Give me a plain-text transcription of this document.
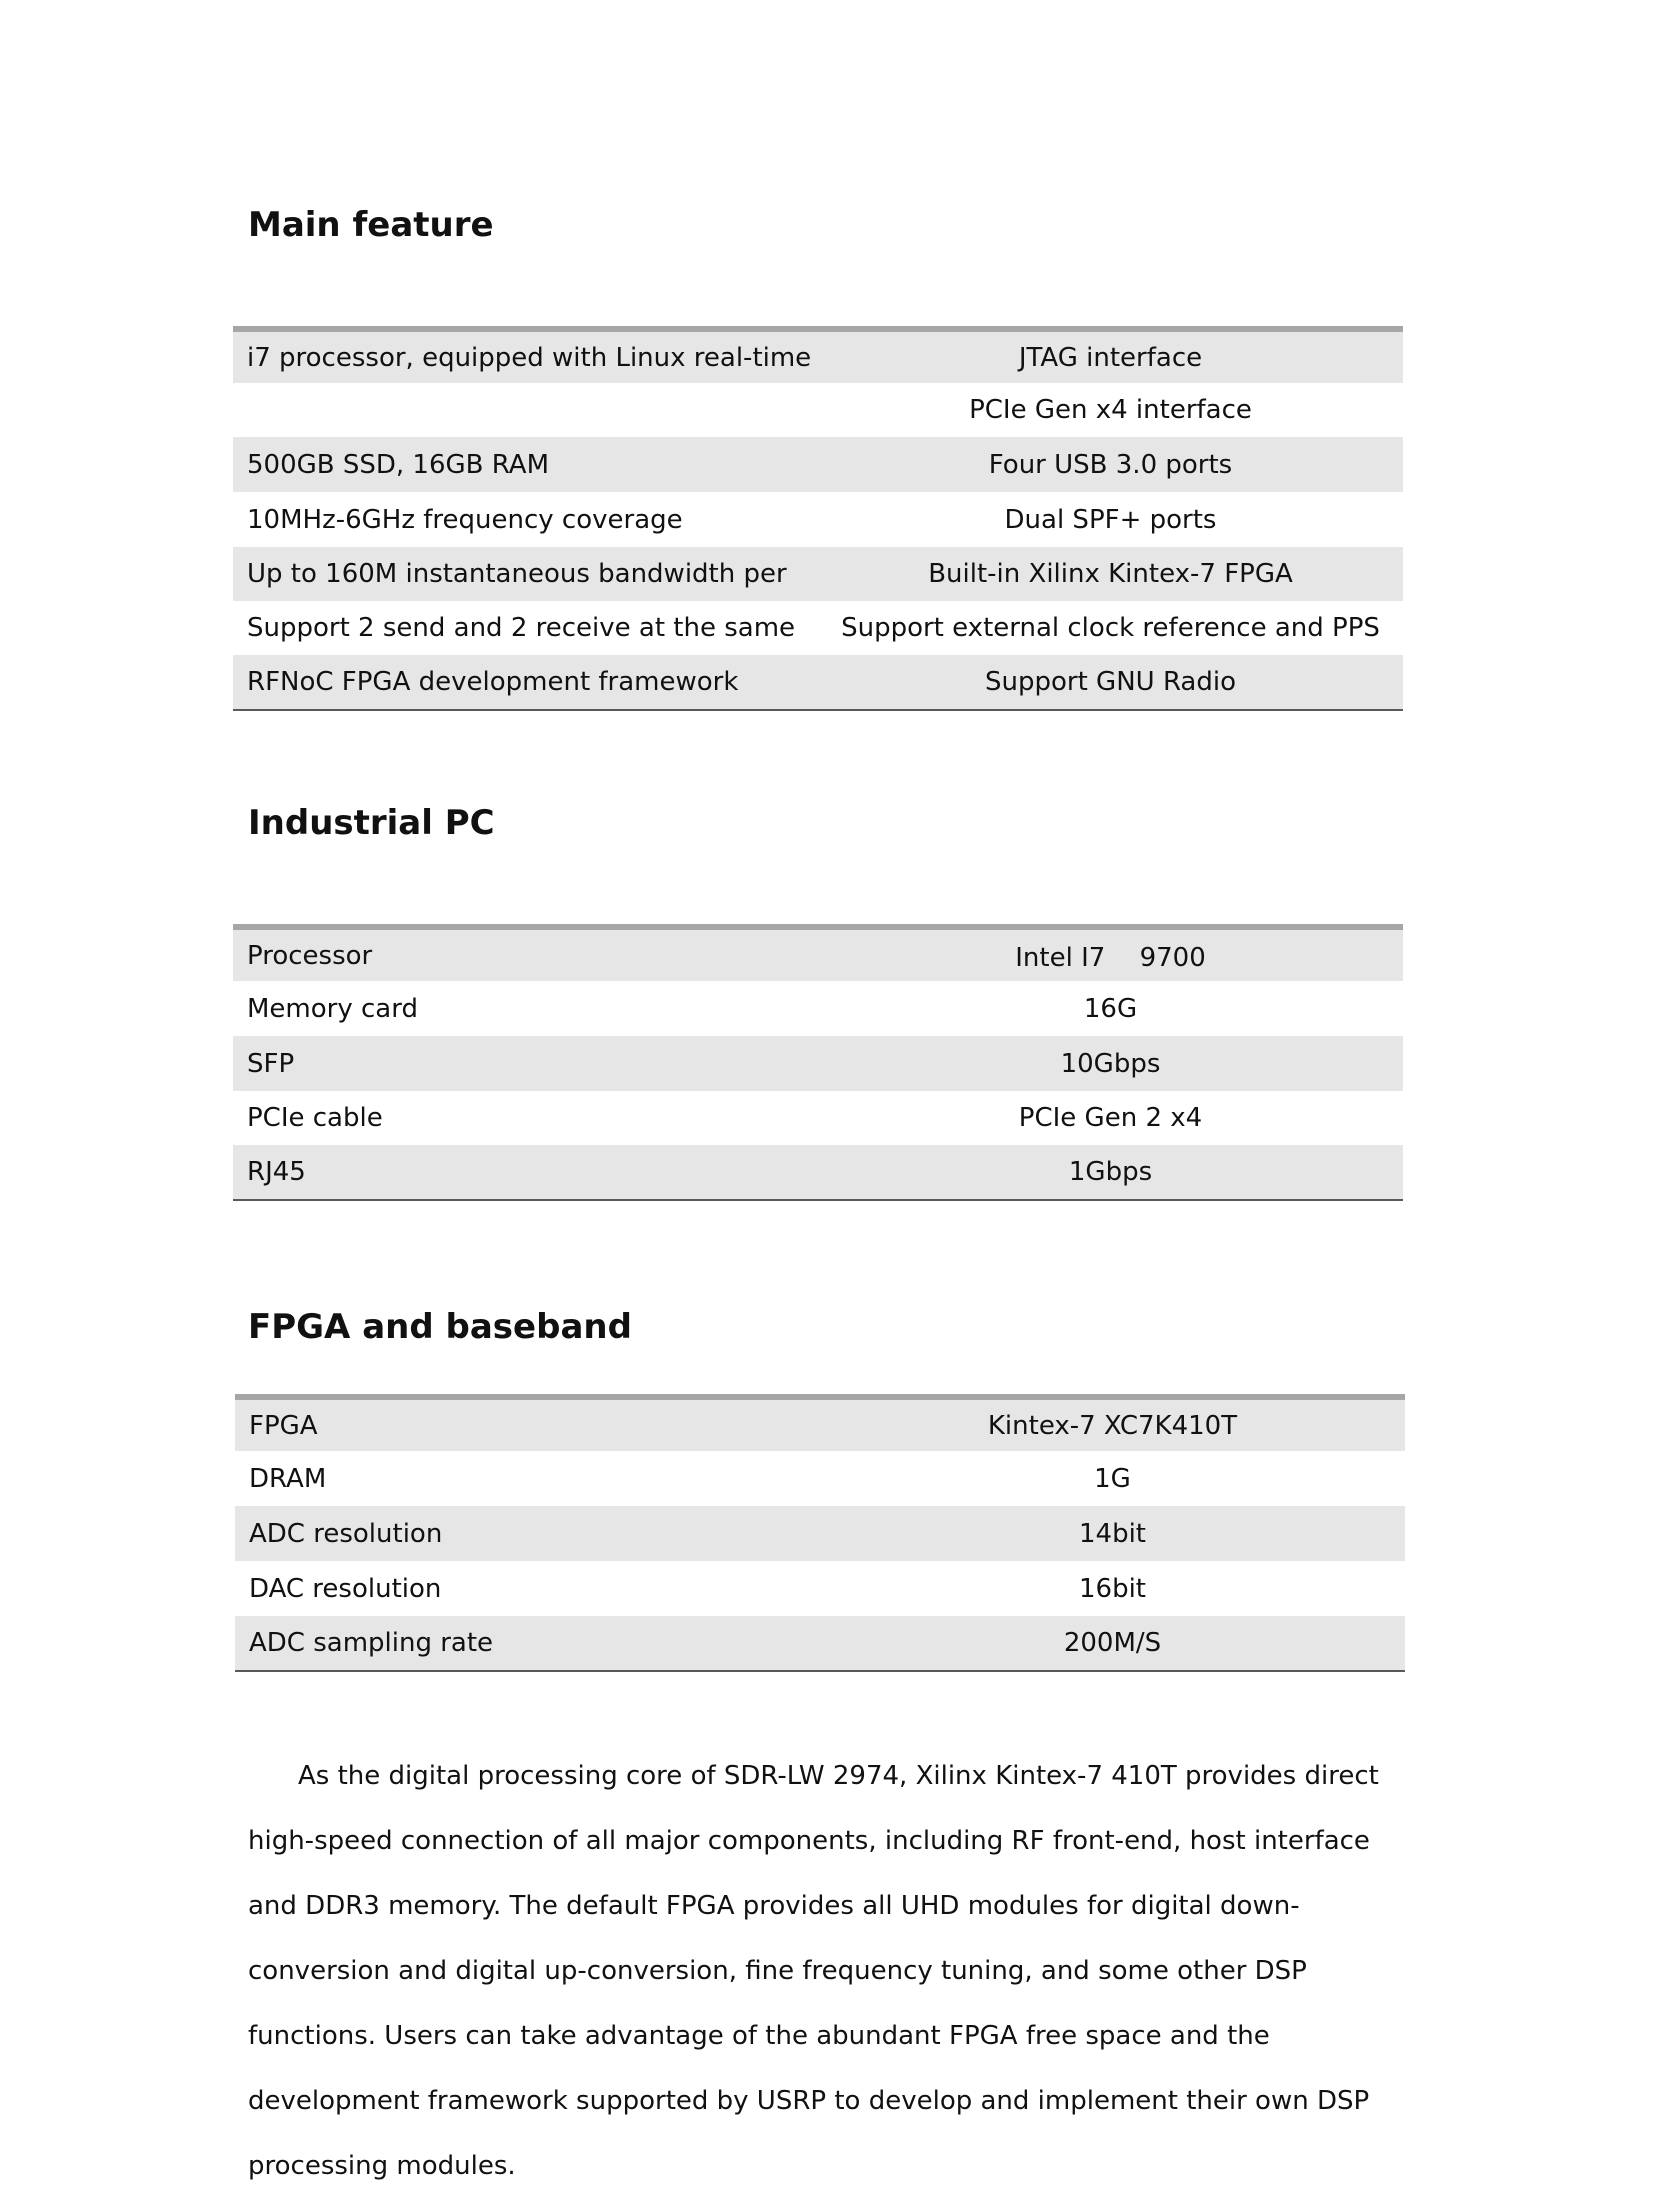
Main feature
i7 processor, equipped with Linux real-time	JTAG interface
	PCIe Gen x4 interface
500GB SSD, 16GB RAM	Four USB 3.0 ports
10MHz-6GHz frequency coverage	Dual SPF+ ports
Up to 160M instantaneous bandwidth per	Built-in Xilinx Kintex-7 FPGA
Support 2 send and 2 receive at the same	Support external clock reference and PPS
RFNoC FPGA development framework	Support GNU Radio
Industrial PC
Processor	Intel I7　 9700
Memory card	16G
SFP	10Gbps
PCIe cable	PCIe Gen 2 x4
RJ45	1Gbps
FPGA and baseband
FPGA	Kintex-7 XC7K410T
DRAM	1G
ADC resolution	14bit
DAC resolution	16bit
ADC sampling rate	200M/S

As the digital processing core of SDR-LW 2974, Xilinx Kintex-7 410T provides direct high-speed connection of all major components, including RF front-end, host interface and DDR3 memory. The default FPGA provides all UHD modules for digital down-conversion and digital up-conversion, fine frequency tuning, and some other DSP functions. Users can take advantage of the abundant FPGA free space and the development framework supported by USRP to develop and implement their own DSP processing modules.
